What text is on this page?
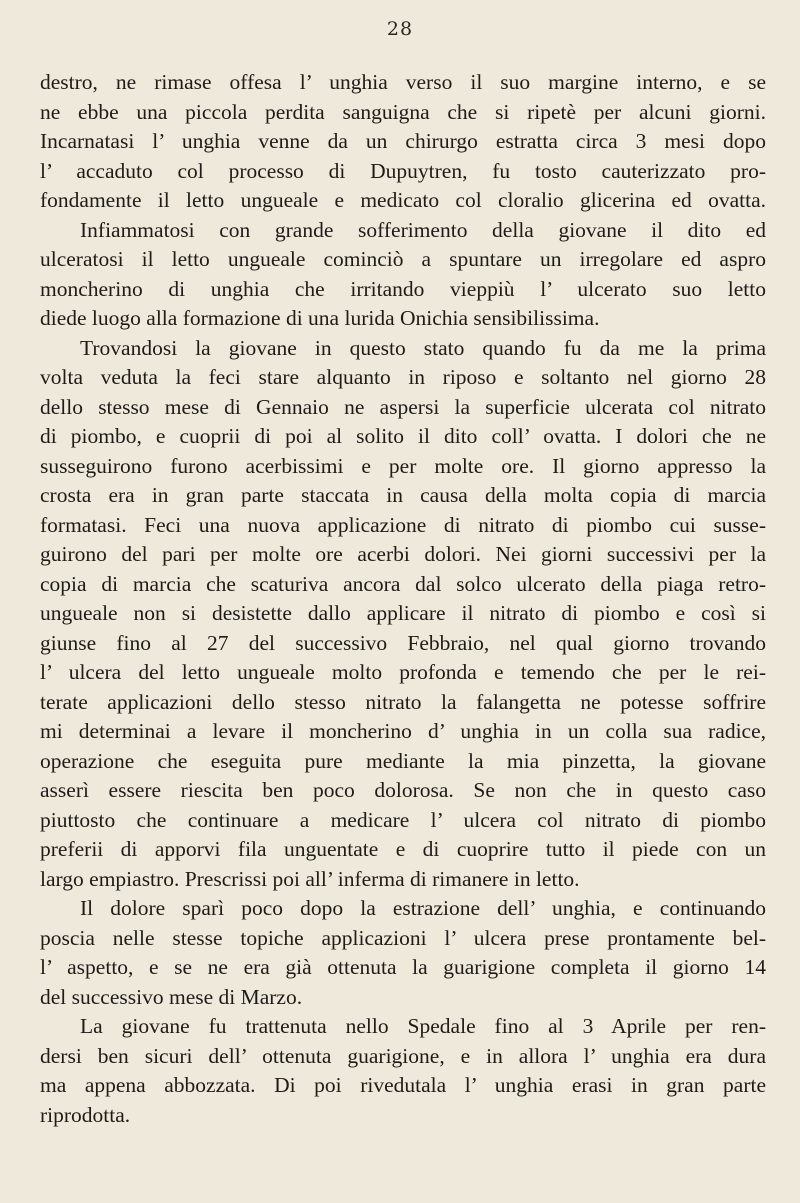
28
destro, ne rimase offesa l’ unghia verso il suo margine interno, e se
ne ebbe una piccola perdita sanguigna che si ripetè per alcuni giorni.
Incarnatasi l’ unghia venne da un chirurgo estratta circa 3 mesi dopo
l’ accaduto col processo di Dupuytren, fu tosto cauterizzato pro-
fondamente il letto ungueale e medicato col cloralio glicerina ed ovatta.
Infiammatosi con grande sofferimento della giovane il dito ed
ulceratosi il letto ungueale cominciò a spuntare un irregolare ed aspro
moncherino di unghia che irritando vieppiù l’ ulcerato suo letto
diede luogo alla formazione di una lurida Onichia sensibilissima.
Trovandosi la giovane in questo stato quando fu da me la prima
volta veduta la feci stare alquanto in riposo e soltanto nel giorno 28
dello stesso mese di Gennaio ne aspersi la superficie ulcerata col nitrato
di piombo, e cuoprii di poi al solito il dito coll’ ovatta. I dolori che ne
susseguirono furono acerbissimi e per molte ore. Il giorno appresso la
crosta era in gran parte staccata in causa della molta copia di marcia
formatasi. Feci una nuova applicazione di nitrato di piombo cui susse-
guirono del pari per molte ore acerbi dolori. Nei giorni successivi per la
copia di marcia che scaturiva ancora dal solco ulcerato della piaga retro-
ungueale non si desistette dallo applicare il nitrato di piombo e così si
giunse fino al 27 del successivo Febbraio, nel qual giorno trovando
l’ ulcera del letto ungueale molto profonda e temendo che per le rei-
terate applicazioni dello stesso nitrato la falangetta ne potesse soffrire
mi determinai a levare il moncherino d’ unghia in un colla sua radice,
operazione che eseguita pure mediante la mia pinzetta, la giovane
asserì essere riescita ben poco dolorosa. Se non che in questo caso
piuttosto che continuare a medicare l’ ulcera col nitrato di piombo
preferii di apporvi fila unguentate e di cuoprire tutto il piede con un
largo empiastro. Prescrissi poi all’ inferma di rimanere in letto.
Il dolore sparì poco dopo la estrazione dell’ unghia, e continuando
poscia nelle stesse topiche applicazioni l’ ulcera prese prontamente bel-
l’ aspetto, e se ne era già ottenuta la guarigione completa il giorno 14
del successivo mese di Marzo.
La giovane fu trattenuta nello Spedale fino al 3 Aprile per ren-
dersi ben sicuri dell’ ottenuta guarigione, e in allora l’ unghia era dura
ma appena abbozzata. Di poi rivedutala l’ unghia erasi in gran parte
riprodotta.
